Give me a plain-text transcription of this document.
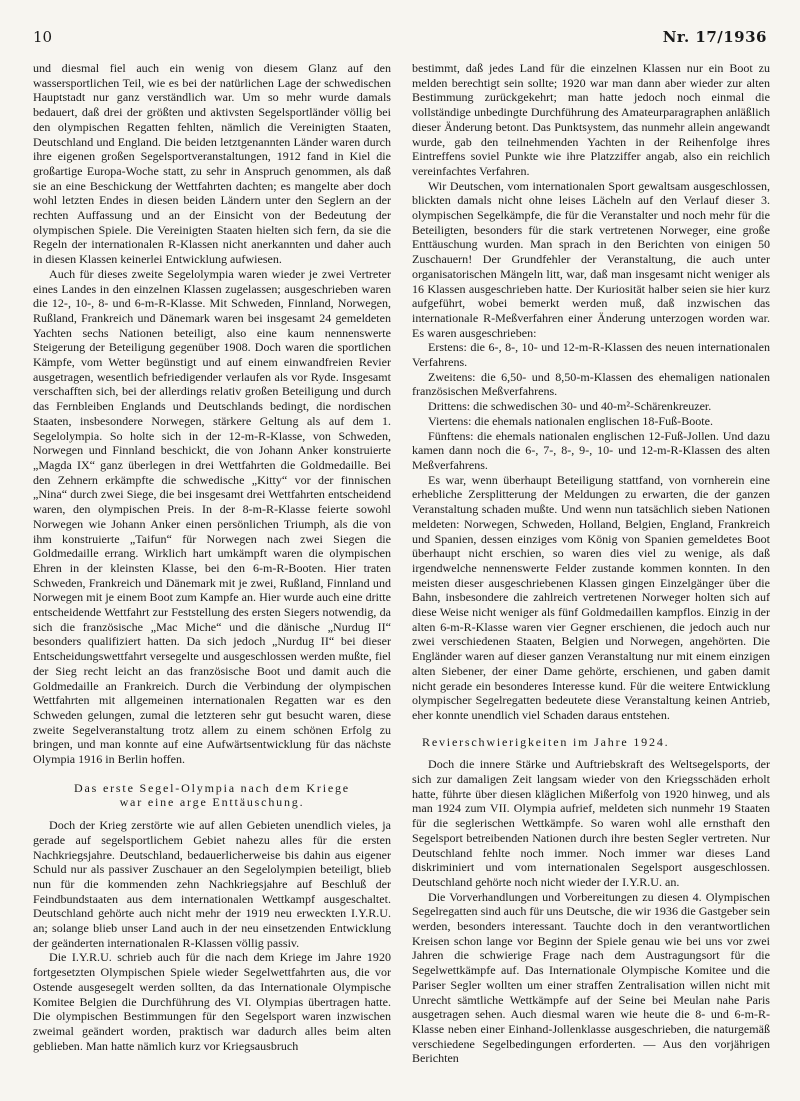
10	Nr. 17/1936

und diesmal fiel auch ein wenig von diesem Glanz auf den wassersportlichen Teil, wie es bei der natürlichen Lage der schwedischen Hauptstadt nur ganz verständlich war. Um so mehr wurde damals bedauert, daß drei der größten und aktivsten Segelsportländer völlig bei den olympischen Regatten fehlten, nämlich die Vereinigten Staaten, Deutschland und England. Die beiden letztgenannten Länder waren durch ihre eigenen großen Segelsportveranstaltungen, 1912 fand in Kiel die großartige Europa-Woche statt, zu sehr in Anspruch genommen, als daß sie an eine Beschickung der Wettfahrten dachten; es mangelte aber doch wohl letzten Endes in diesen beiden Ländern unter den Seglern an der rechten Auffassung und an der Einsicht von der Bedeutung der olympischen Spiele. Die Vereinigten Staaten hielten sich fern, da sie die Regeln der internationalen R-Klassen nicht anerkannten und daher auch in diesen Klassen keinerlei Entwicklung aufwiesen.

Auch für dieses zweite Segelolympia waren wieder je zwei Vertreter eines Landes in den einzelnen Klassen zugelassen; ausgeschrieben waren die 12-, 10-, 8- und 6-m-R-Klasse. Mit Schweden, Finnland, Norwegen, Rußland, Frankreich und Dänemark waren bei insgesamt 24 gemeldeten Yachten sechs Nationen beteiligt, also eine kaum nennenswerte Steigerung der Beteiligung gegenüber 1908. Doch waren die sportlichen Kämpfe, vom Wetter begünstigt und auf einem einwandfreien Revier ausgetragen, wesentlich befriedigender verlaufen als vor Ryde. Insgesamt verschafften sich, bei der allerdings relativ großen Beteiligung und durch das Fernbleiben Englands und Deutschlands bedingt, die nordischen Staaten, insbesondere Norwegen, stärkere Geltung als auf dem 1. Segelolympia. So holte sich in der 12-m-R-Klasse, von Schweden, Norwegen und Finnland beschickt, die von Johann Anker konstruierte „Magda IX“ ganz überlegen in drei Wettfahrten die Goldmedaille. Bei den Zehnern erkämpfte die schwedische „Kitty“ vor der finnischen „Nina“ durch zwei Siege, die bei insgesamt drei Wettfahrten entscheidend waren, den olympischen Preis. In der 8-m-R-Klasse feierte sowohl Norwegen wie Johann Anker einen persönlichen Triumph, als die von ihm konstruierte „Taifun“ für Norwegen nach zwei Siegen die Goldmedaille errang. Wirklich hart umkämpft waren die olympischen Ehren in der kleinsten Klasse, bei den 6-m-R-Booten. Hier traten Schweden, Frankreich und Dänemark mit je zwei, Rußland, Finnland und Norwegen mit je einem Boot zum Kampfe an. Hier wurde auch eine dritte entscheidende Wettfahrt zur Feststellung des ersten Siegers notwendig, da sich die französische „Mac Miche“ und die dänische „Nurdug II“ besonders qualifiziert hatten. Da sich jedoch „Nurdug II“ bei dieser Entscheidungswettfahrt versegelte und ausgeschlossen werden mußte, fiel der Sieg recht leicht an das französische Boot und damit auch die Goldmedaille an Frankreich. Durch die Verbindung der olympischen Wettfahrten mit allgemeinen internationalen Regatten war es den Schweden gelungen, zumal die letzteren sehr gut besucht waren, diese zweite Segelveranstaltung trotz allem zu einem schönen Erfolg zu bringen, und man konnte auf eine Aufwärtsentwicklung für das nächste Olympia 1916 in Berlin hoffen.

Das erste Segel-Olympia nach dem Kriege
war eine arge Enttäuschung.

Doch der Krieg zerstörte wie auf allen Gebieten unendlich vieles, ja gerade auf segelsportlichem Gebiet nahezu alles für die ersten Nachkriegsjahre. Deutschland, bedauerlicherweise bis dahin aus eigener Schuld nur als passiver Zuschauer an den Segelolympien beteiligt, blieb nun für die kommenden zehn Nachkriegsjahre auf Beschluß der Feindbundstaaten aus dem internationalen Wettkampf ausgeschaltet. Deutschland gehörte auch nicht mehr der 1919 neu erweckten I.Y.R.U. an; solange blieb unser Land auch in der neu einsetzenden Entwicklung der geänderten internationalen R-Klassen völlig passiv.

Die I.Y.R.U. schrieb auch für die nach dem Kriege im Jahre 1920 fortgesetzten Olympischen Spiele wieder Segelwettfahrten aus, die vor Ostende ausgesegelt werden sollten, da das Internationale Olympische Komitee Belgien die Durchführung des VI. Olympias übertragen hatte. Die olympischen Bestimmungen für den Segelsport waren inzwischen zweimal geändert worden, praktisch war dadurch alles beim alten geblieben. Man hatte nämlich kurz vor Kriegsausbruch

bestimmt, daß jedes Land für die einzelnen Klassen nur ein Boot zu melden berechtigt sein sollte; 1920 war man dann aber wieder zur alten Bestimmung zurückgekehrt; man hatte jedoch noch einmal die vollständige unbedingte Durchführung des Amateurparagraphen anläßlich dieser Änderung betont. Das Punktsystem, das nunmehr allein angewandt wurde, gab den teilnehmenden Yachten in der Reihenfolge ihres Eintreffens soviel Punkte wie ihre Platzziffer angab, also ein reichlich vereinfachtes Verfahren.

Wir Deutschen, vom internationalen Sport gewaltsam ausgeschlossen, blickten damals nicht ohne leises Lächeln auf den Verlauf dieser 3. olympischen Segelkämpfe, die für die Veranstalter und noch mehr für die Beteiligten, besonders für die stark vertretenen Norweger, eine große Enttäuschung wurden. Man sprach in den Berichten von einigen 50 Zuschauern! Der Grundfehler der Veranstaltung, die auch unter organisatorischen Mängeln litt, war, daß man insgesamt nicht weniger als 16 Klassen ausgeschrieben hatte. Der Kuriosität halber seien sie hier kurz aufgeführt, wobei bemerkt werden muß, daß inzwischen das internationale R-Meßverfahren einer Änderung unterzogen worden war. Es waren ausgeschrieben:

Erstens: die 6-, 8-, 10- und 12-m-R-Klassen des neuen internationalen Verfahrens.

Zweitens: die 6,50- und 8,50-m-Klassen des ehemaligen nationalen französischen Meßverfahrens.

Drittens: die schwedischen 30- und 40-m²-Schärenkreuzer.

Viertens: die ehemals nationalen englischen 18-Fuß-Boote.

Fünftens: die ehemals nationalen englischen 12-Fuß-Jollen. Und dazu kamen dann noch die 6-, 7-, 8-, 9-, 10- und 12-m-R-Klassen des alten Meßverfahrens.

Es war, wenn überhaupt Beteiligung stattfand, von vornherein eine erhebliche Zersplitterung der Meldungen zu erwarten, die der ganzen Veranstaltung schaden mußte. Und wenn nun tatsächlich sieben Nationen meldeten: Norwegen, Schweden, Holland, Belgien, England, Frankreich und Spanien, dessen einziges vom König von Spanien gemeldetes Boot überhaupt nicht erschien, so waren dies viel zu wenige, als daß irgendwelche nennenswerte Felder zustande kommen konnten. In den meisten dieser ausgeschriebenen Klassen gingen Einzelgänger über die Bahn, insbesondere die zahlreich vertretenen Norweger holten sich auf diese Weise nicht weniger als fünf Goldmedaillen kampflos. Einzig in der alten 6-m-R-Klasse waren vier Gegner erschienen, die jedoch auch nur zwei verschiedenen Staaten, Belgien und Norwegen, angehörten. Die Engländer waren auf dieser ganzen Veranstaltung nur mit einem einzigen alten Siebener, der einer Dame gehörte, erschienen, und gaben damit nicht gerade ein besonderes Interesse kund. Für die weitere Entwicklung olympischer Segelregatten bedeutete diese Veranstaltung keinen Antrieb, eher konnte unendlich viel Schaden daraus entstehen.

Revierschwierigkeiten im Jahre 1924.

Doch die innere Stärke und Auftriebskraft des Weltsegelsports, der sich zur damaligen Zeit langsam wieder von den Kriegsschäden erholt hatte, führte über diesen kläglichen Mißerfolg von 1920 hinweg, und als man 1924 zum VII. Olympia aufrief, meldeten sich nunmehr 19 Staaten für die seglerischen Wettkämpfe. So waren wohl alle ernsthaft den Segelsport betreibenden Nationen durch ihre besten Segler vertreten. Nur Deutschland fehlte noch immer. Noch immer war dieses Land diskriminiert und vom internationalen Segelsport ausgeschlossen. Deutschland gehörte noch nicht wieder der I.Y.R.U. an.

Die Vorverhandlungen und Vorbereitungen zu diesen 4. Olympischen Segelregatten sind auch für uns Deutsche, die wir 1936 die Gastgeber sein werden, besonders interessant. Tauchte doch in den verantwortlichen Kreisen schon lange vor Beginn der Spiele genau wie bei uns vor zwei Jahren die schwierige Frage nach dem Austragungsort für die Segelwettkämpfe auf. Das Internationale Olympische Komitee und die Pariser Segler wollten um einer straffen Zentralisation willen nicht mit Unrecht sämtliche Wettkämpfe auf der Seine bei Meulan nahe Paris ausgetragen sehen. Auch diesmal waren wie heute die 8- und 6-m-R-Klasse neben einer Einhand-Jollenklasse ausgeschrieben, die naturgemäß verschiedene Segelbedingungen erforderten. — Aus den vorjährigen Berichten
